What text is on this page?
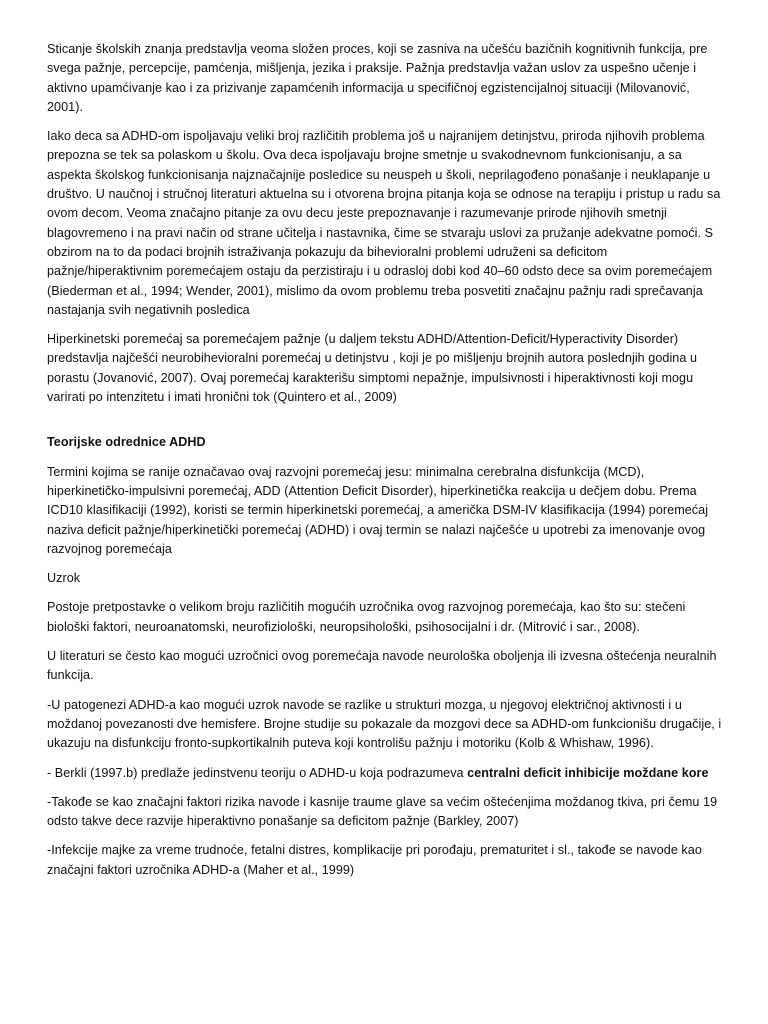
Sticanje školskih znanja predstavlja veoma složen proces, koji se zasniva na učešću bazičnih kognitivnih funkcija, pre svega pažnje, percepcije, pamćenja, mišljenja, jezika i praksije. Pažnja predstavlja važan uslov za uspešno učenje i aktivno upamćivanje kao i za prizivanje zapamćenih informacija u specifičnoj egzistencijalnoj situaciji (Milovanović, 2001).

Iako deca sa ADHD-om ispoljavaju veliki broj različitih problema još u najranijem detinjstvu, priroda njihovih problema prepozna se tek sa polaskom u školu. Ova deca ispoljavaju brojne smetnje u svakodnevnom funkcionisanju, a sa aspekta školskog funkcionisanja najznačajnije posledice su neuspeh u školi, neprilagođeno ponašanje i neuklapanje u društvo. U naučnoj i stručnoj literaturi aktuelna su i otvorena brojna pitanja koja se odnose na terapiju i pristup u radu sa ovom decom. Veoma značajno pitanje za ovu decu jeste prepoznavanje i razumevanje prirode njihovih smetnji blagovremeno i na pravi način od strane učitelja i nastavnika, čime se stvaraju uslovi za pružanje adekvatne pomoći. S obzirom na to da podaci brojnih istraživanja pokazuju da bihevioralni problemi udruženi sa deficitom pažnje/hiperaktivnim poremećajem ostaju da perzistiraju i u odrasloj dobi kod 40–60 odsto dece sa ovim poremećajem (Biederman et al., 1994; Wender, 2001), mislimo da ovom problemu treba posvetiti značajnu pažnju radi sprečavanja nastajanja svih negativnih posledica

Hiperkinetski poremećaj sa poremećajem pažnje (u daljem tekstu ADHD/Attention-Deficit/Hyperactivity Disorder) predstavlja najčešći neurobihevioralni poremećaj u detinjstvu , koji je po mišljenju brojnih autora poslednjih godina u porastu (Jovanović, 2007). Ovaj poremećaj karakterišu simptomi nepažnje, impulsivnosti i hiperaktivnosti koji mogu varirati po intenzitetu i imati hronični tok (Quintero et al., 2009)

Teorijske odrednice ADHD

Termini kojima se ranije označavao ovaj razvojni poremećaj jesu: minimalna cerebralna disfunkcija (MCD), hiperkinetičko-impulsivni poremećaj, ADD (Attention Deficit Disorder), hiperkinetička reakcija u dečjem dobu. Prema ICD10 klasifikaciji (1992), koristi se termin hiperkinetski poremećaj, a američka DSM-IV klasifikacija (1994) poremećaj naziva deficit pažnje/hiperkinetički poremećaj (ADHD) i ovaj termin se nalazi najčešće u upotrebi za imenovanje ovog razvojnog poremećaja

Uzrok

Postoje pretpostavke o velikom broju različitih mogućih uzročnika ovog razvojnog poremećaja, kao što su: stečeni biološki faktori, neuroanatomski, neurofiziološki, neuropsihološki, psihosocijalni i dr. (Mitrović i sar., 2008).

U literaturi se često kao mogući uzročnici ovog poremećaja navode neurološka oboljenja ili izvesna oštećenja neuralnih funkcija.

-U patogenezi ADHD-a kao mogući uzrok navode se razlike u strukturi mozga, u njegovoj električnoj aktivnosti i u moždanoj povezanosti dve hemisfere. Brojne studije su pokazale da mozgovi dece sa ADHD-om funkcionišu drugačije, i ukazuju na disfunkciju fronto-supkortikalnih puteva koji kontrolišu pažnju i motoriku (Kolb & Whishaw, 1996).

- Berkli (1997.b) predlaže jedinstvenu teoriju o ADHD-u koja podrazumeva centralni deficit inhibicije moždane kore

-Takođe se kao značajni faktori rizika navode i kasnije traume glave sa većim oštećenjima moždanog tkiva, pri čemu 19 odsto takve dece razvije hiperaktivno ponašanje sa deficitom pažnje (Barkley, 2007)

-Infekcije majke za vreme trudnoće, fetalni distres, komplikacije pri porođaju, prematuritet i sl., takođe se navode kao značajni faktori uzročnika ADHD-a (Maher et al., 1999)
